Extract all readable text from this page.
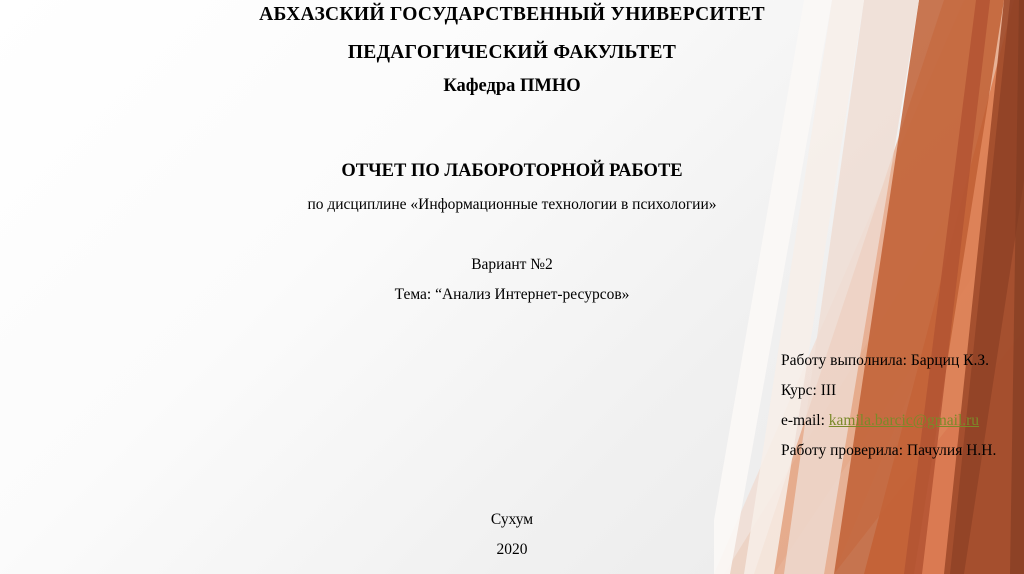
АБХАЗСКИЙ ГОСУДАРСТВЕННЫЙ УНИВЕРСИТЕТ
ПЕДАГОГИЧЕСКИЙ ФАКУЛЬТЕТ
Кафедра ПМНО
ОТЧЕТ ПО ЛАБОРОТОРНОЙ РАБОТЕ
по дисциплине «Информационные технологии в психологии»
Вариант №2
Тема: “Анализ Интернет-ресурсов»
Работу выполнила: Барциц К.З.
Курс: III
e-mail: kamila.barcic@gmail.ru
Работу проверила: Пачулия Н.Н.
Сухум
2020
